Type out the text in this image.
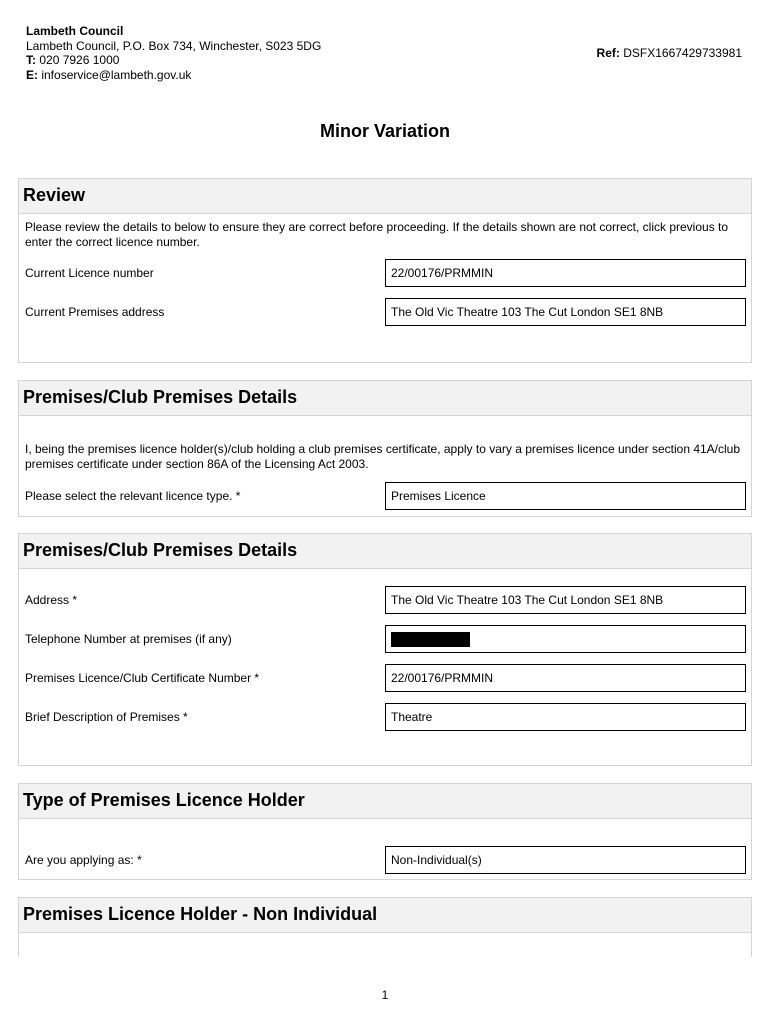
Lambeth Council
Lambeth Council, P.O. Box 734, Winchester, S023 5DG
T: 020 7926 1000
E: infoservice@lambeth.gov.uk
Ref: DSFX1667429733981
Minor Variation
Review
Please review the details to below to ensure they are correct before proceeding. If the details shown are not correct, click previous to enter the correct licence number.
Current Licence number	22/00176/PRMMIN
Current Premises address	The Old Vic Theatre 103 The Cut London SE1 8NB
Premises/Club Premises Details
I, being the premises licence holder(s)/club holding a club premises certificate, apply to vary a premises licence under section 41A/club premises certificate under section 86A of the Licensing Act 2003.
Please select the relevant licence type. *	Premises Licence
Premises/Club Premises Details
Address *	The Old Vic Theatre 103 The Cut London SE1 8NB
Telephone Number at premises (if any)
Premises Licence/Club Certificate Number *	22/00176/PRMMIN
Brief Description of Premises *	Theatre
Type of Premises Licence Holder
Are you applying as: *	Non-Individual(s)
Premises Licence Holder - Non Individual
1
